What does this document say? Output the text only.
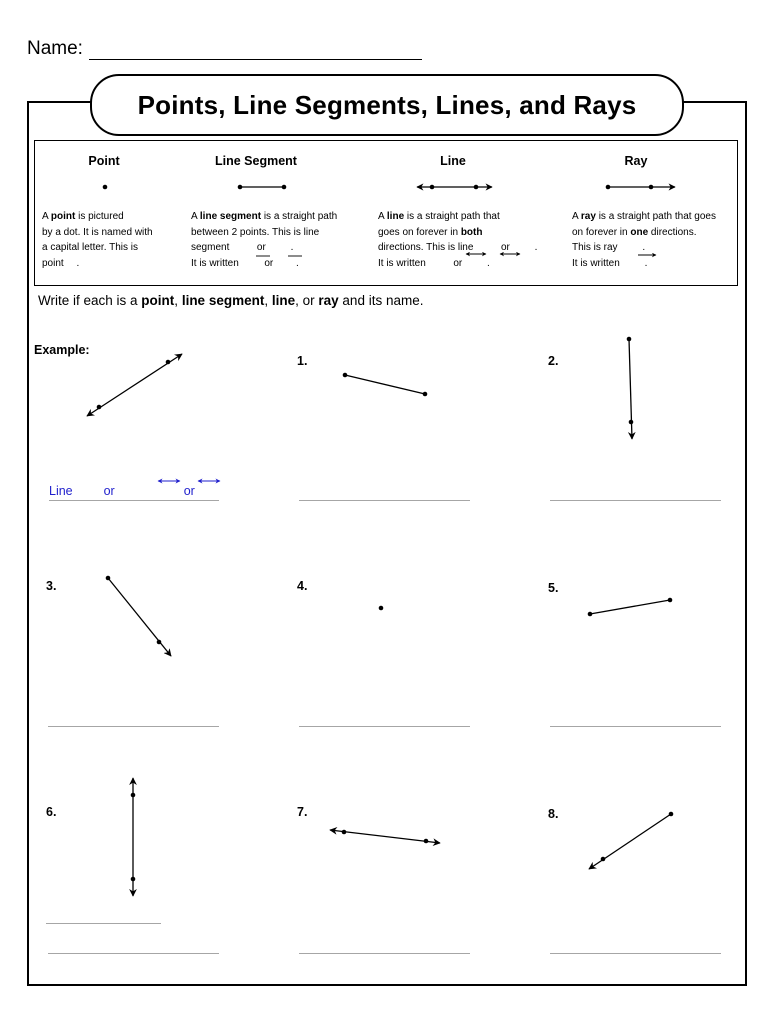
Name:
Points, Line Segments, Lines, and Rays
Point	Line Segment	Line	Ray
A point is pictured
by a dot. It is named with
a capital letter. This is
point .
A line segment is a straight path
between 2 points. This is line
segment  or .
It is written  or .
A line is a straight path that
goes on forever in both
directions. This is line  or .
It is written  or .
A ray is a straight path that goes
on forever in one directions.
This is ray .
It is written .
Write if each is a point, line segment, line, or ray and its name.
Example:
1.	2.
3.	4.	5.
6.	7.	8.
Line or	or
